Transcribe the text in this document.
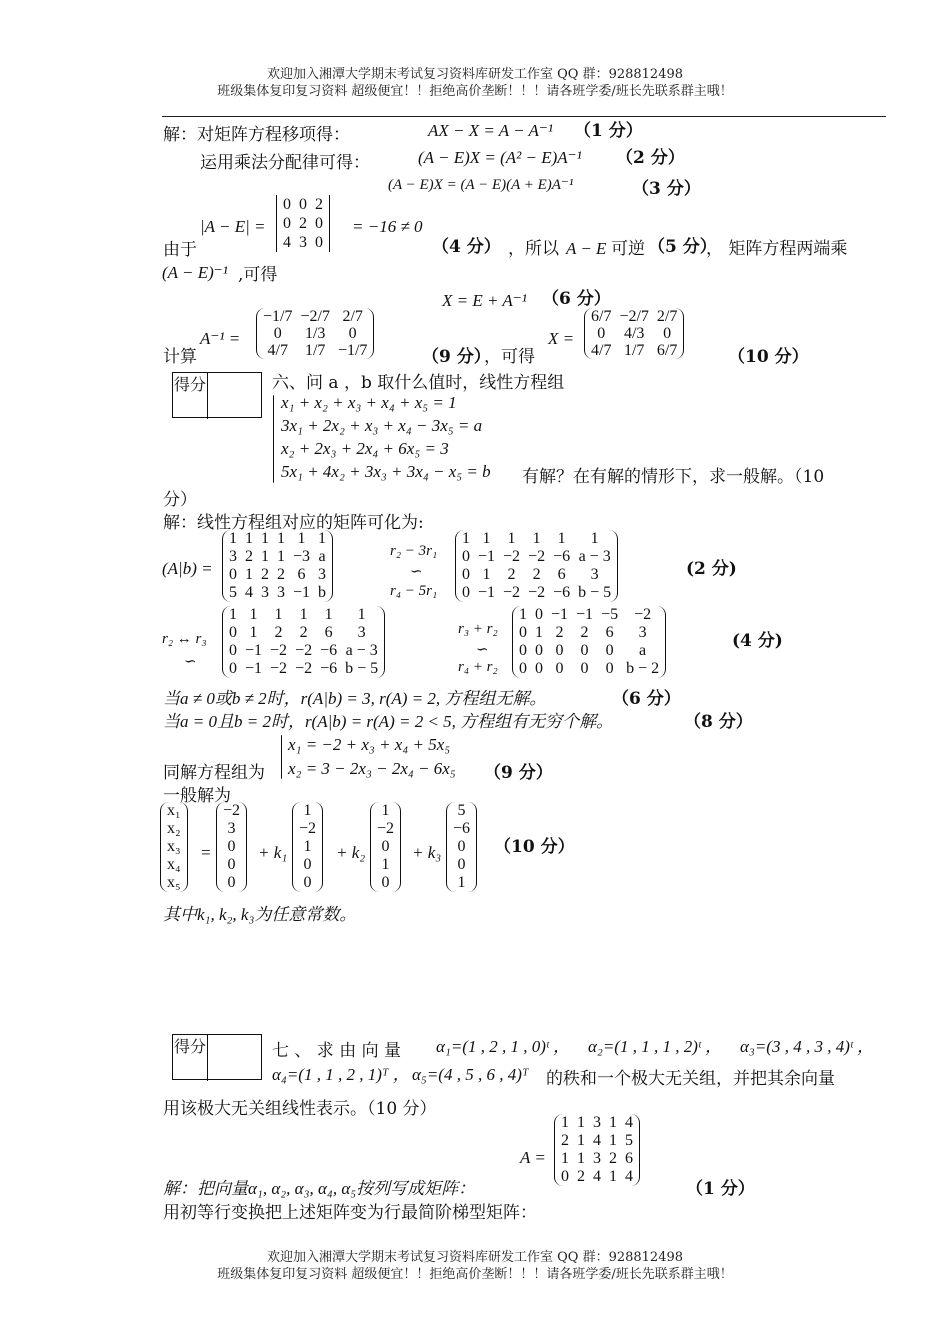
欢迎加入湘潭大学期末考试复习资料库研发工作室 QQ 群：928812498
班级集体复印复习资料 超级便宜！！拒绝高价垄断！！！请各班学委/班长先联系群主哦！
解：对矩阵方程移项得：	AX − X = A − A⁻¹ （1 分）
运用乘法分配律可得：	(A − E)X = (A² − E)A⁻¹ （2 分）
(A − E)X = (A − E)(A + E)A⁻¹	（3 分）
|A − E| =
0	0	2
0	2	0
4	3	0
= −16 ≠ 0
由于	（4 分） ，所以 A − E 可逆 （5 分）
， 矩阵方程两端乘
(A − E)⁻¹ ,可得
X = E + A⁻¹ （6 分）
计算
A⁻¹ =
−1/7	−2/7	2/7
0	1/3	0
4/7	1/7	−1/7	（9 分）
，可得
X =
6/7	−2/7	2/7
0	4/3	0
4/7	1/7	6/7	（10 分）
得分	六、问 a ，b 取什么值时，线性方程组
x₁ + x₂ + x₃ + x₄ + x₅ = 1
3x₁ + 2x₂ + x₃ + x₄ − 3x₅ = a
x₂ + 2x₃ + 2x₄ + 6x₅ = 3
5x₁ + 4x₂ + 3x₃ + 3x₄ − x₅ = b 有解？在有解的情形下，求一般解。（10
分）
解：线性方程组对应的矩阵可化为:
(A|b) =
1	1	1	1	1	1
3	2	1	1	−3	a
0	1	2	2	6	3
5	4	3	3	−1	b
r₂ − 3r₁
∽
r₄ − 5r₁
1	1	1	1	1	1
0	−1	−2	−2	−6	a − 3
0	1	2	2	6	3
0	−1	−2	−2	−6	b − 5
(2 分)
r₂ ↔ r₃
∽
1	1	1	1	1	1
0	1	2	2	6	3
0	−1	−2	−2	−6	a − 3
0	−1	−2	−2	−6	b − 5
r₃ + r₂
∽
r₄ + r₂
1	0	−1	−1	−5	−2
0	1	2	2	6	3
0	0	0	0	0	a
0	0	0	0	0	b − 2
(4 分)
当a ≠ 0或b ≠ 2时，r(A|b) = 3, r(A) = 2, 方程组无解。	（6 分）
当a = 0且b = 2时，r(A|b) = r(A) = 2 < 5, 方程组有无穷个解。	（8 分）
x₁ = −2 + x₃ + x₄ + 5x₅
x₂ = 3 − 2x₃ − 2x₄ − 6x₅
同解方程组为	（9 分）
一般解为
x₁
x₂
x₃
x₄
x₅
=
−2
3
0
0
0
+ k₁
1
−2
1
0
0
+ k₂
1
−2
0
1
0
+ k₃
5
−6
0
0
1
（10 分）
其中k₁, k₂, k₃为任意常数。
得分	七 、 求 由 向 量 α₁=(1 , 2 , 1 , 0)ᵗ ， α₂=(1 , 1 , 1 , 2)ᵗ ， α₃=(3 , 4 , 3 , 4)ᵗ ，
α₄=(1 , 1 , 2 , 1)ᵀ ， α₅=(4 , 5 , 6 , 4)ᵀ 的秩和一个极大无关组，并把其余向量
用该极大无关组线性表示。（10 分）
A =
1	1	3	1	4
2	1	4	1	5
1	1	3	2	6
0	2	4	1	4
解：把向量α₁, α₂, α₃, α₄, α₅按列写成矩阵：	（1 分）
用初等行变换把上述矩阵变为行最简阶梯型矩阵：
欢迎加入湘潭大学期末考试复习资料库研发工作室 QQ 群：928812498
班级集体复印复习资料 超级便宜！！拒绝高价垄断！！！请各班学委/班长先联系群主哦！
